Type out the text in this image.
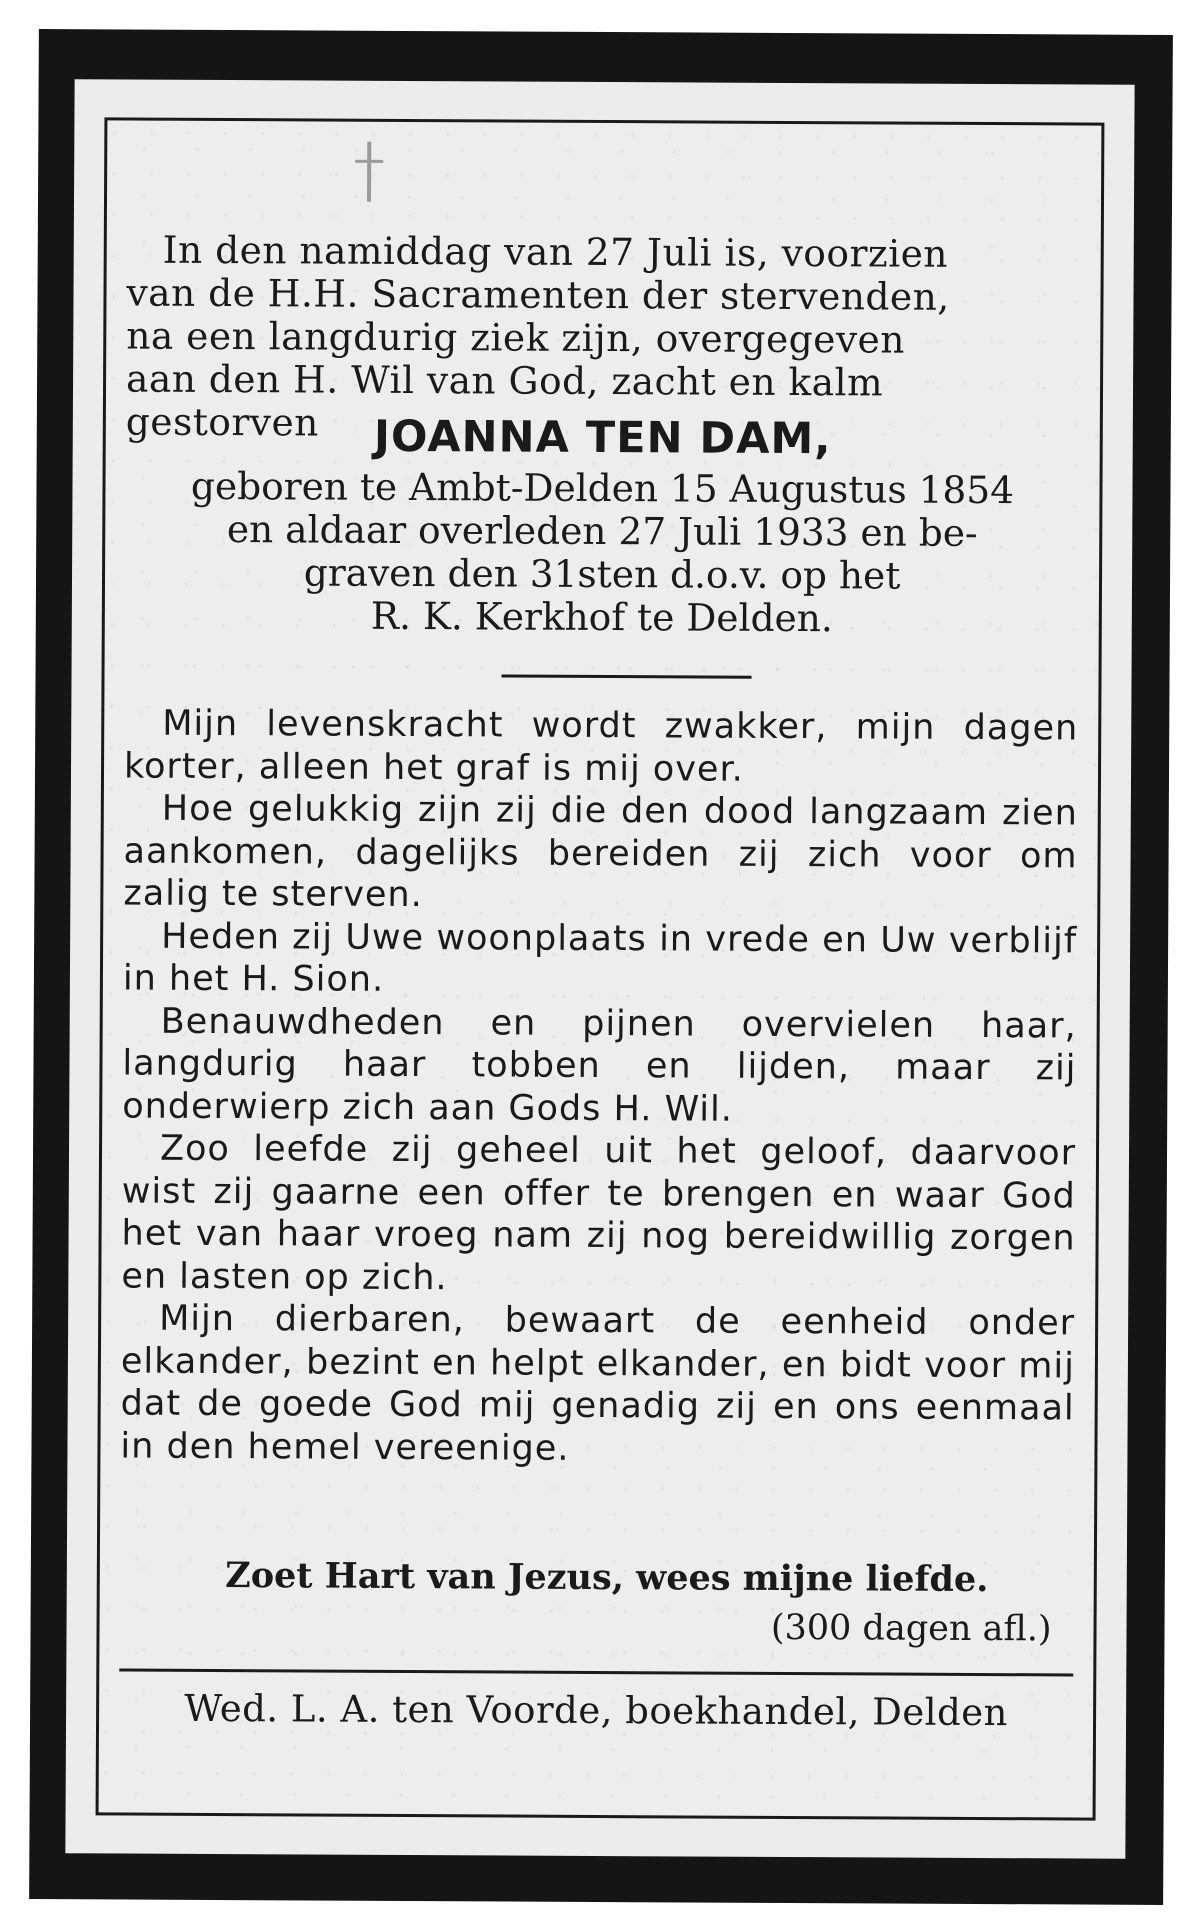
In den namiddag van 27 Juli is, voorzien

van de H.H. Sacramenten der stervenden,

na een langdurig ziek zijn, overgegeven

aan den H. Wil van God, zacht en kalm

gestorven	JOANNA TEN DAM,
geboren te Ambt-Delden 15 Augustus 1854
en aldaar overleden 27 Juli 1933 en be-
graven den 31sten d.o.v. op het
R. K. Kerkhof te Delden.

Mijn levenskracht wordt zwakker, mijn dagen korter, alleen het graf is mij over.

Hoe gelukkig zijn zij die den dood langzaam zien aankomen, dagelijks bereiden zij zich voor om zalig te sterven.

Heden zij Uwe woonplaats in vrede en Uw verblijf in het H. Sion.

Benauwdheden en pijnen overvielen haar, langdurig haar tobben en lijden, maar zij onderwierp zich aan Gods H. Wil.

Zoo leefde zij geheel uit het geloof, daarvoor wist zij gaarne een offer te brengen en waar God het van haar vroeg nam zij nog bereidwillig zorgen en lasten op zich.

Mijn dierbaren, bewaart de eenheid onder elkander, bezint en helpt elkander, en bidt voor mij dat de goede God mij genadig zij en ons eenmaal in den hemel vereenige.

Zoet Hart van Jezus, wees mijne liefde.
(300 dagen afl.)
Wed. L. A. ten Voorde, boekhandel, Delden
